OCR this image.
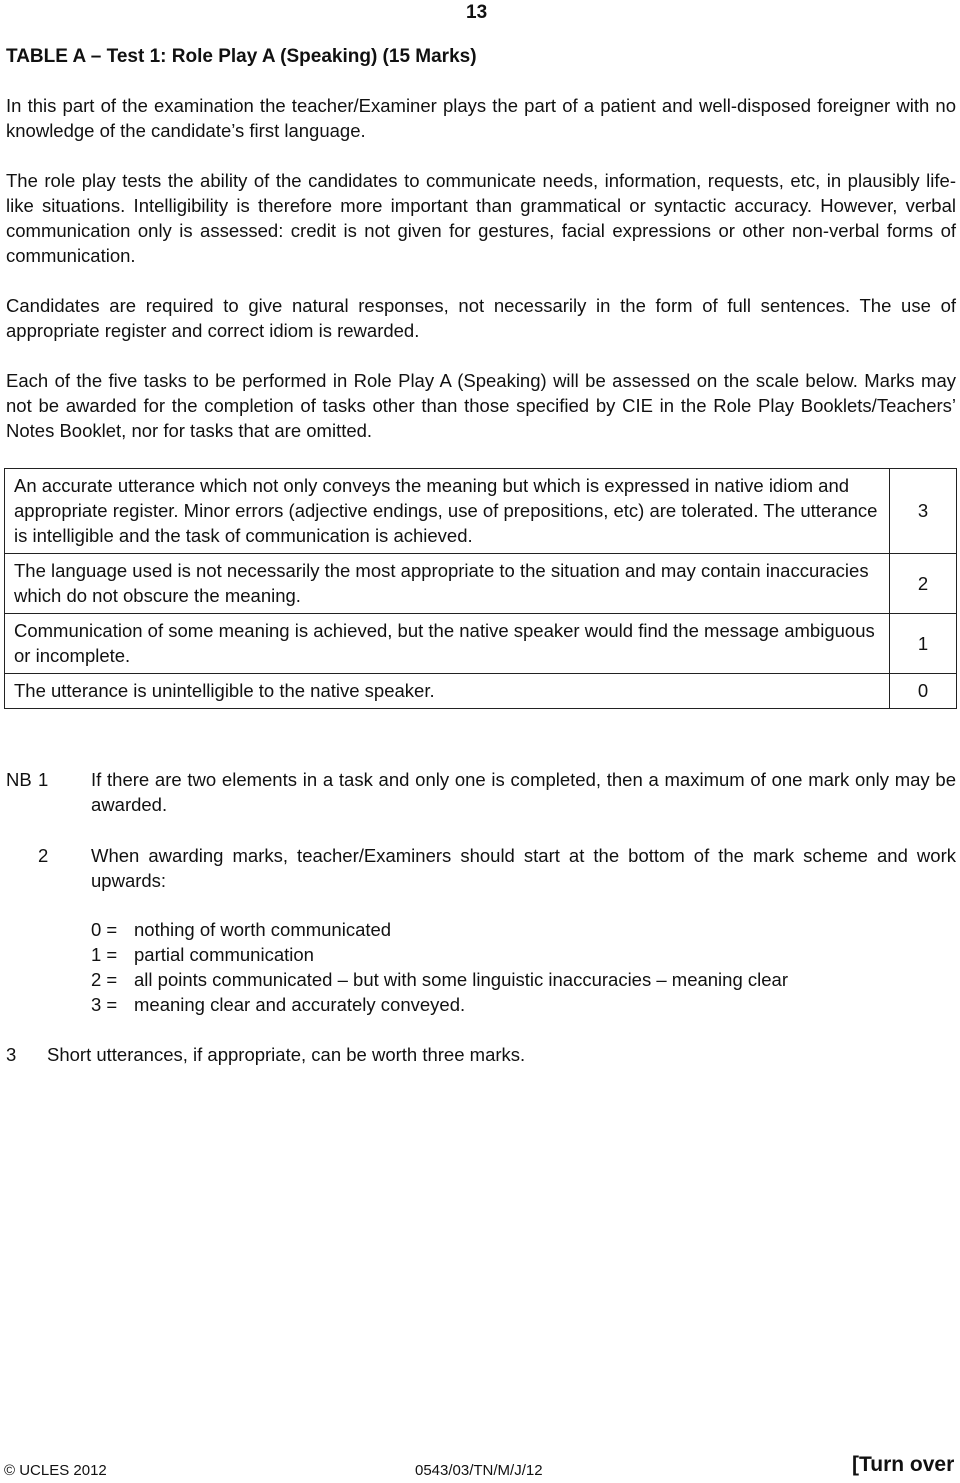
13
TABLE A – Test 1: Role Play A (Speaking) (15 Marks)
In this part of the examination the teacher/Examiner plays the part of a patient and well-disposed foreigner with no knowledge of the candidate’s first language.
The role play tests the ability of the candidates to communicate needs, information, requests, etc, in plausibly life-like situations. Intelligibility is therefore more important than grammatical or syntactic accuracy. However, verbal communication only is assessed: credit is not given for gestures, facial expressions or other non-verbal forms of communication.
Candidates are required to give natural responses, not necessarily in the form of full sentences. The use of appropriate register and correct idiom is rewarded.
Each of the five tasks to be performed in Role Play A (Speaking) will be assessed on the scale below. Marks may not be awarded for the completion of tasks other than those specified by CIE in the Role Play Booklets/Teachers’ Notes Booklet, nor for tasks that are omitted.
An accurate utterance which not only conveys the meaning but which is expressed in native idiom and appropriate register. Minor errors (adjective endings, use of prepositions, etc) are tolerated. The utterance is intelligible and the task of communication is achieved.	3
The language used is not necessarily the most appropriate to the situation and may contain inaccuracies which do not obscure the meaning.	2
Communication of some meaning is achieved, but the native speaker would find the message ambiguous or incomplete.	1
The utterance is unintelligible to the native speaker.	0
NB 1 If there are two elements in a task and only one is completed, then a maximum of one mark only may be awarded.
2 When awarding marks, teacher/Examiners should start at the bottom of the mark scheme and work upwards:
0 = nothing of worth communicated
1 = partial communication
2 = all points communicated – but with some linguistic inaccuracies – meaning clear
3 = meaning clear and accurately conveyed.
3 Short utterances, if appropriate, can be worth three marks.
© UCLES 2012	0543/03/TN/M/J/12	[Turn over
